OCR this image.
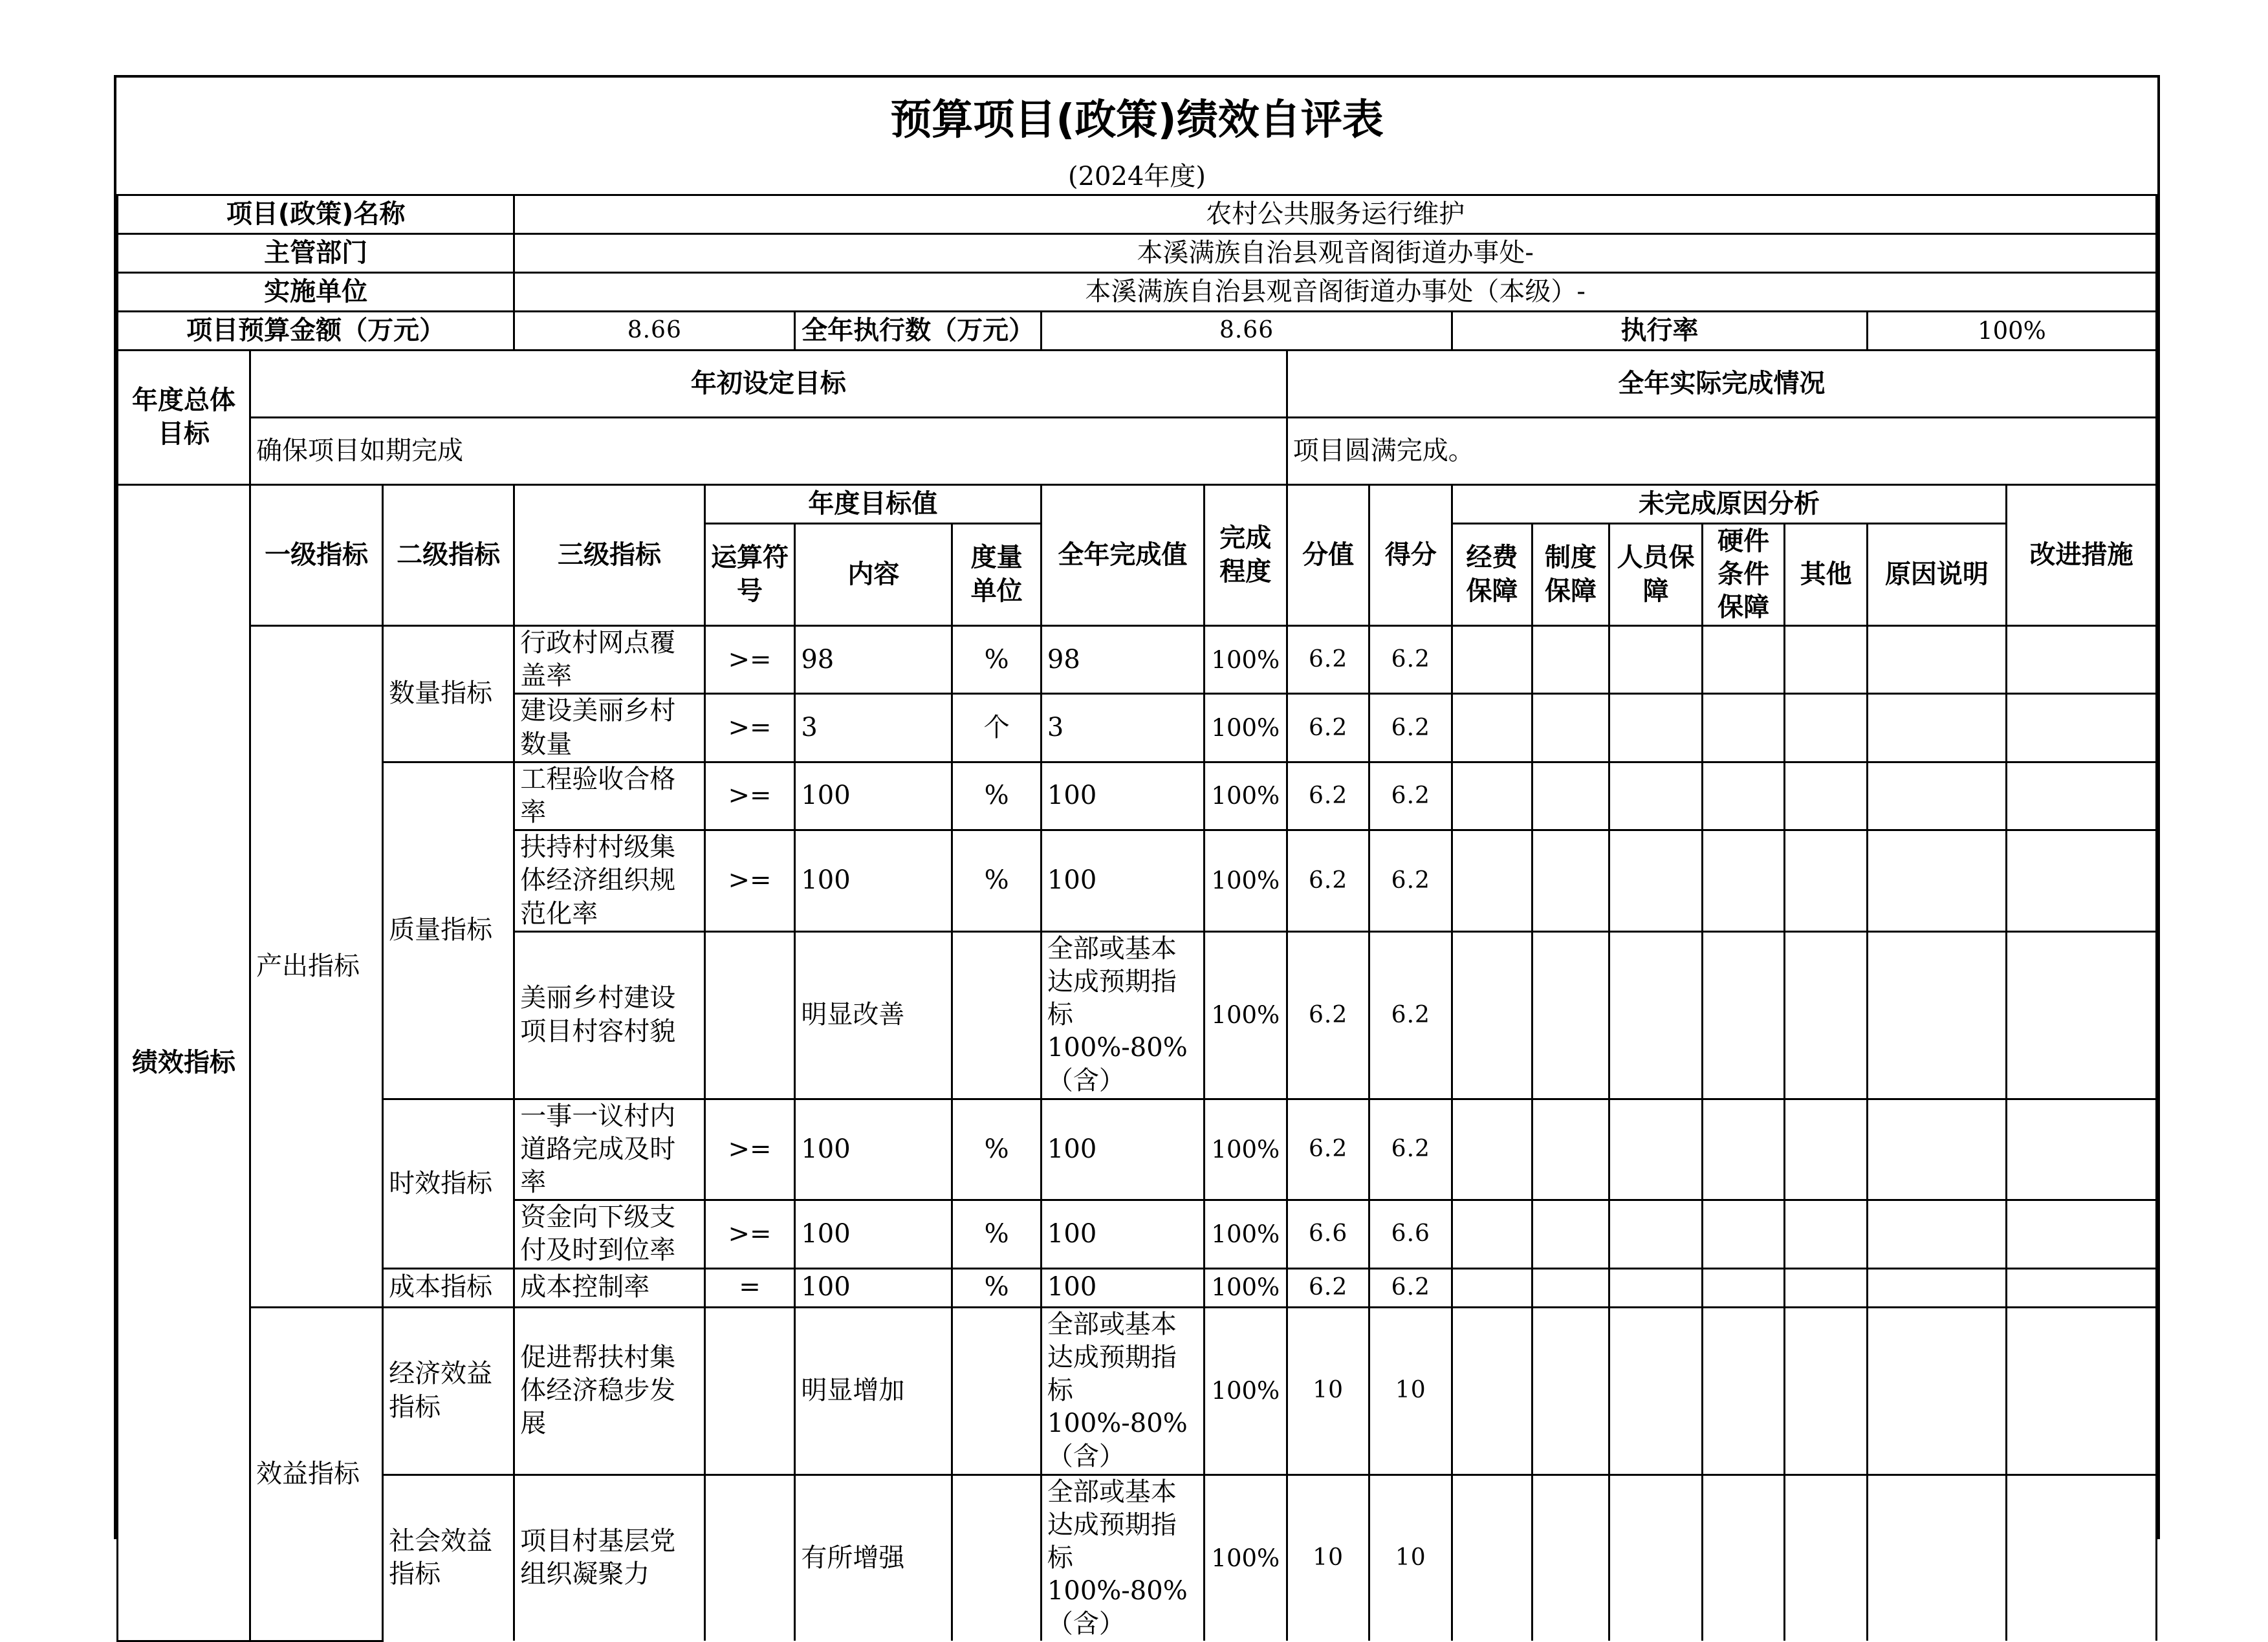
预算项目(政策)绩效自评表
(2024年度)
项目(政策)名称			农村公共服务运行维护														
主管部门			本溪满族自治县观音阁街道办事处-														
实施单位			本溪满族自治县观音阁街道办事处（本级）-														
项目预算金额（万元）			8.66		全年执行数（万元）		8.66				执行率					100%	
年度总体目标	年初设定目标								全年实际完成情况								
	确保项目如期完成								项目圆满完成。								
绩效指标	一级指标	二级指标	三级指标	年度目标值			全年完成值	完成程度	分值	得分	未完成原因分析						改进措施
				运算符号	内容	度量单位					经费保障	制度保障	人员保障	硬件条件保障	其他	原因说明	
	产出指标	数量指标	行政村网点覆盖率	>=	98	%	98	100%	6.2	6.2							
			建设美丽乡村数量	>=	3	个	3	100%	6.2	6.2							
		质量指标	工程验收合格率	>=	100	%	100	100%	6.2	6.2							
			扶持村村级集体经济组织规范化率	>=	100	%	100	100%	6.2	6.2							
			美丽乡村建设项目村容村貌		明显改善		全部或基本达成预期指标100%-80%（含）	100%	6.2	6.2							
		时效指标	一事一议村内道路完成及时率	>=	100	%	100	100%	6.2	6.2							
			资金向下级支付及时到位率	>=	100	%	100	100%	6.6	6.6							
		成本指标	成本控制率	=	100	%	100	100%	6.2	6.2							
	效益指标	经济效益指标	促进帮扶村集体经济稳步发展		明显增加		全部或基本达成预期指标100%-80%（含）	100%	10	10							
		社会效益指标	项目村基层党组织凝聚力		有所增强		全部或基本达成预期指标100%-80%（含）	100%	10	10							
